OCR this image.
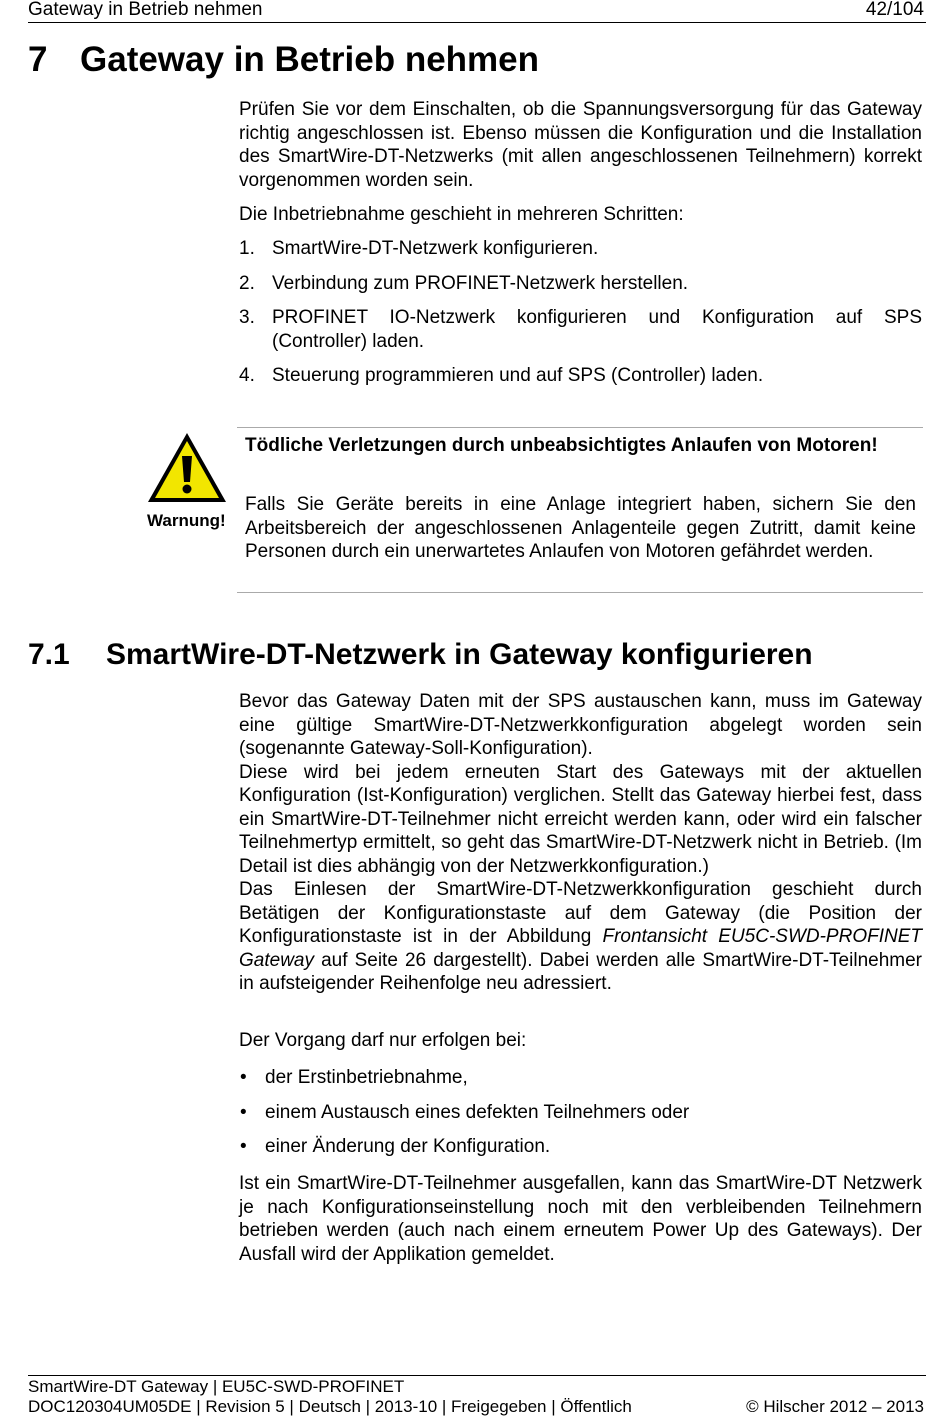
Gateway in Betrieb nehmen	42/104
7 Gateway in Betrieb nehmen
Prüfen Sie vor dem Einschalten, ob die Spannungsversorgung für das Gateway richtig angeschlossen ist. Ebenso müssen die Konfiguration und die Installation des SmartWire-DT-Netzwerks (mit allen angeschlossenen Teilnehmern) korrekt vorgenommen worden sein.
Die Inbetriebnahme geschieht in mehreren Schritten:
1. SmartWire-DT-Netzwerk konfigurieren.
2. Verbindung zum PROFINET-Netzwerk herstellen.
3. PROFINET IO-Netzwerk konfigurieren und Konfiguration auf SPS (Controller) laden.
4. Steuerung programmieren und auf SPS (Controller) laden.
Warnung!
Tödliche Verletzungen durch unbeabsichtigtes Anlaufen von Motoren!
Falls Sie Geräte bereits in eine Anlage integriert haben, sichern Sie den Arbeitsbereich der angeschlossenen Anlagenteile gegen Zutritt, damit keine Personen durch ein unerwartetes Anlaufen von Motoren gefährdet werden.
7.1 SmartWire-DT-Netzwerk in Gateway konfigurieren
Bevor das Gateway Daten mit der SPS austauschen kann, muss im Gateway eine gültige SmartWire-DT-Netzwerkkonfiguration abgelegt worden sein (sogenannte Gateway-Soll-Konfiguration).
Diese wird bei jedem erneuten Start des Gateways mit der aktuellen Konfiguration (Ist-Konfiguration) verglichen. Stellt das Gateway hierbei fest, dass ein SmartWire-DT-Teilnehmer nicht erreicht werden kann, oder wird ein falscher Teilnehmertyp ermittelt, so geht das SmartWire-DT-Netzwerk nicht in Betrieb. (Im Detail ist dies abhängig von der Netzwerkkonfiguration.)
Das Einlesen der SmartWire-DT-Netzwerkkonfiguration geschieht durch Betätigen der Konfigurationstaste auf dem Gateway (die Position der Konfigurationstaste ist in der Abbildung Frontansicht EU5C-SWD-PROFINET Gateway auf Seite 26 dargestellt). Dabei werden alle SmartWire-DT-Teilnehmer in aufsteigender Reihenfolge neu adressiert.
Der Vorgang darf nur erfolgen bei:
• der Erstinbetriebnahme,
• einem Austausch eines defekten Teilnehmers oder
• einer Änderung der Konfiguration.
Ist ein SmartWire-DT-Teilnehmer ausgefallen, kann das SmartWire-DT Netzwerk je nach Konfigurationseinstellung noch mit den verbleibenden Teilnehmern betrieben werden (auch nach einem erneutem Power Up des Gateways). Der Ausfall wird der Applikation gemeldet.
SmartWire-DT Gateway | EU5C-SWD-PROFINET
DOC120304UM05DE | Revision 5 | Deutsch | 2013-10 | Freigegeben | Öffentlich	© Hilscher 2012 – 2013
